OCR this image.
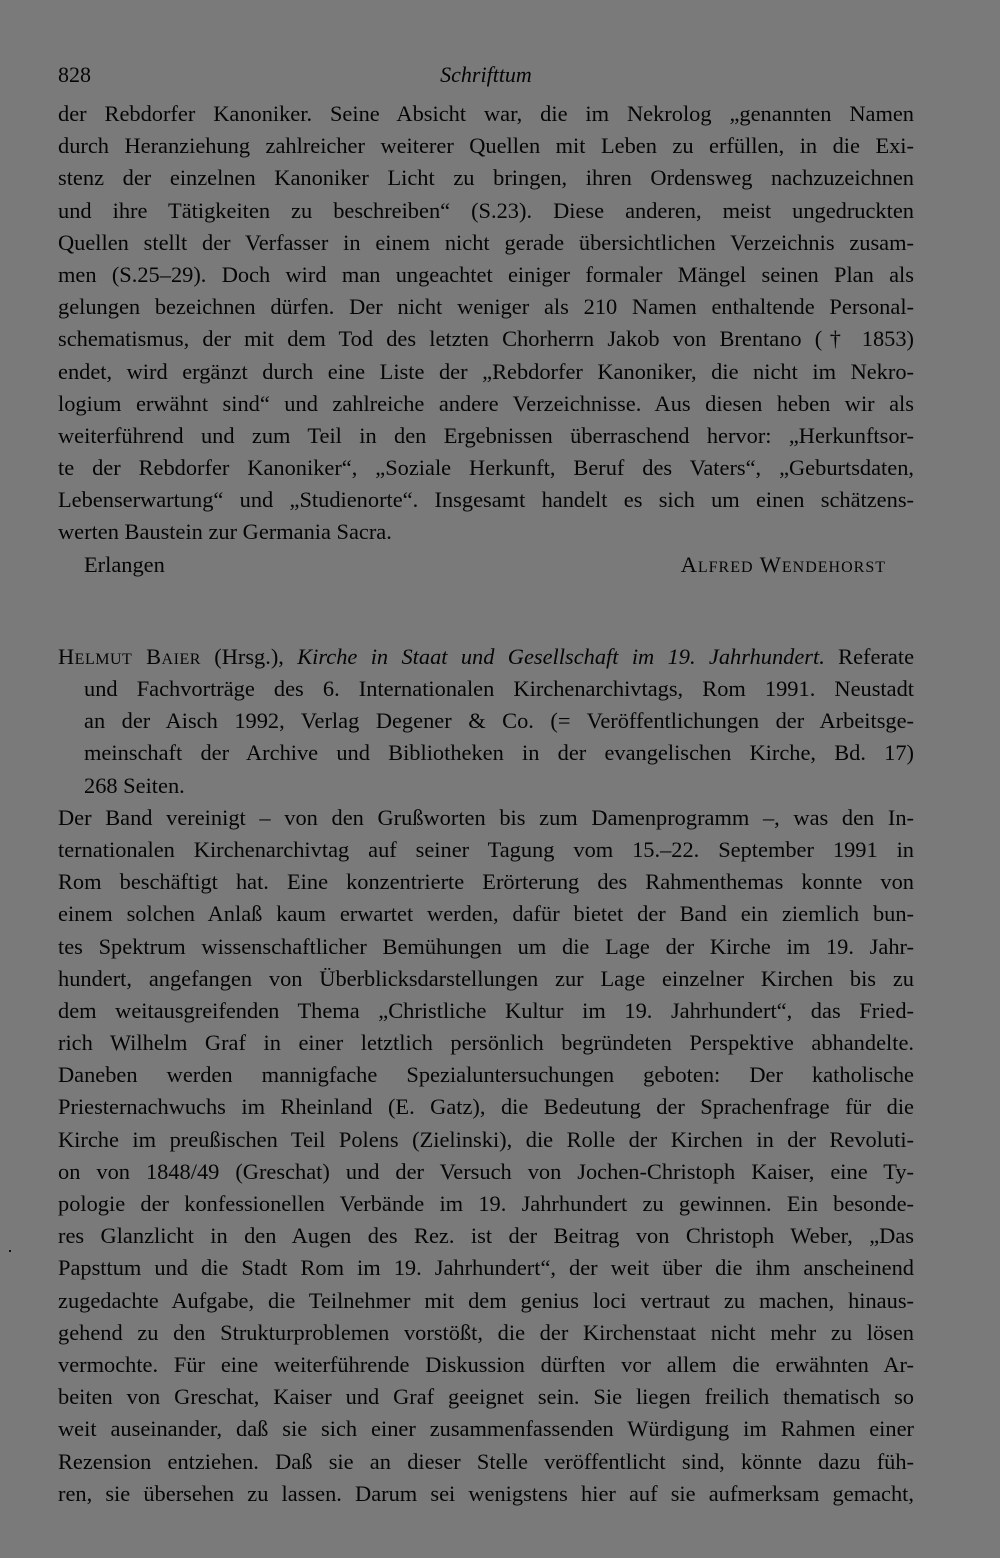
828	Schrifttum
der Rebdorfer Kanoniker. Seine Absicht war, die im Nekrolog „genannten Namen
durch Heranziehung zahlreicher weiterer Quellen mit Leben zu erfüllen, in die Exi-
stenz der einzelnen Kanoniker Licht zu bringen, ihren Ordensweg nachzuzeichnen
und ihre Tätigkeiten zu beschreiben“ (S.23). Diese anderen, meist ungedruckten
Quellen stellt der Verfasser in einem nicht gerade übersichtlichen Verzeichnis zusam-
men (S.25–29). Doch wird man ungeachtet einiger formaler Mängel seinen Plan als
gelungen bezeichnen dürfen. Der nicht weniger als 210 Namen enthaltende Personal-
schematismus, der mit dem Tod des letzten Chorherrn Jakob von Brentano († 1853)
endet, wird ergänzt durch eine Liste der „Rebdorfer Kanoniker, die nicht im Nekro-
logium erwähnt sind“ und zahlreiche andere Verzeichnisse. Aus diesen heben wir als
weiterführend und zum Teil in den Ergebnissen überraschend hervor: „Herkunftsor-
te der Rebdorfer Kanoniker“, „Soziale Herkunft, Beruf des Vaters“, „Geburtsdaten,
Lebenserwartung“ und „Studienorte“. Insgesamt handelt es sich um einen schätzens-
werten Baustein zur Germania Sacra.
Erlangen	Alfred Wendehorst
Helmut Baier (Hrsg.), Kirche in Staat und Gesellschaft im 19. Jahrhundert. Referate
und Fachvorträge des 6. Internationalen Kirchenarchivtags, Rom 1991. Neustadt
an der Aisch 1992, Verlag Degener & Co. (= Veröffentlichungen der Arbeitsge-
meinschaft der Archive und Bibliotheken in der evangelischen Kirche, Bd. 17)
268 Seiten.
Der Band vereinigt – von den Grußworten bis zum Damenprogramm –, was den In-
ternationalen Kirchenarchivtag auf seiner Tagung vom 15.–22. September 1991 in
Rom beschäftigt hat. Eine konzentrierte Erörterung des Rahmenthemas konnte von
einem solchen Anlaß kaum erwartet werden, dafür bietet der Band ein ziemlich bun-
tes Spektrum wissenschaftlicher Bemühungen um die Lage der Kirche im 19. Jahr-
hundert, angefangen von Überblicksdarstellungen zur Lage einzelner Kirchen bis zu
dem weitausgreifenden Thema „Christliche Kultur im 19. Jahrhundert“, das Fried-
rich Wilhelm Graf in einer letztlich persönlich begründeten Perspektive abhandelte.
Daneben werden mannigfache Spezialuntersuchungen geboten: Der katholische
Priesternachwuchs im Rheinland (E. Gatz), die Bedeutung der Sprachenfrage für die
Kirche im preußischen Teil Polens (Zielinski), die Rolle der Kirchen in der Revoluti-
on von 1848/49 (Greschat) und der Versuch von Jochen-Christoph Kaiser, eine Ty-
pologie der konfessionellen Verbände im 19. Jahrhundert zu gewinnen. Ein besonde-
res Glanzlicht in den Augen des Rez. ist der Beitrag von Christoph Weber, „Das
Papsttum und die Stadt Rom im 19. Jahrhundert“, der weit über die ihm anscheinend
zugedachte Aufgabe, die Teilnehmer mit dem genius loci vertraut zu machen, hinaus-
gehend zu den Strukturproblemen vorstößt, die der Kirchenstaat nicht mehr zu lösen
vermochte. Für eine weiterführende Diskussion dürften vor allem die erwähnten Ar-
beiten von Greschat, Kaiser und Graf geeignet sein. Sie liegen freilich thematisch so
weit auseinander, daß sie sich einer zusammenfassenden Würdigung im Rahmen einer
Rezension entziehen. Daß sie an dieser Stelle veröffentlicht sind, könnte dazu füh-
ren, sie übersehen zu lassen. Darum sei wenigstens hier auf sie aufmerksam gemacht,
